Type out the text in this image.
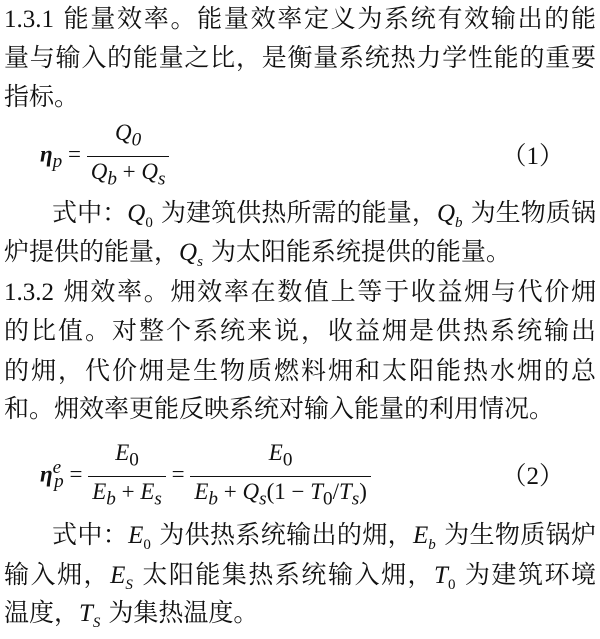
1.3.1 能量效率。能量效率定义为系统有效输出的能
量与输入的能量之比，是衡量系统热力学性能的重要
指标。
$\eta_p = \frac{Q_0}{Q_b + Q_s}$	（1）
式中：$Q_0$ 为建筑供热所需的能量，$Q_b$ 为生物质锅
炉提供的能量，$Q_s$ 为太阳能系统提供的能量。
1.3.2 㶲效率。㶲效率在数值上等于收益㶲与代价㶲
的比值。对整个系统来说，收益㶲是供热系统输出
的㶲，代价㶲是生物质燃料㶲和太阳能热水㶲的总
和。㶲效率更能反映系统对输入能量的利用情况。
$\eta^e_p = \frac{E_0}{E_b + E_s} = \frac{E_0}{E_b + Q_s(1 - T_0/T_s)}$	（2）
式中：$E_0$ 为供热系统输出的㶲，$E_b$ 为生物质锅炉
输入㶲，$E_S$ 太阳能集热系统输入㶲，$T_0$ 为建筑环境
温度，$T_S$ 为集热温度。
